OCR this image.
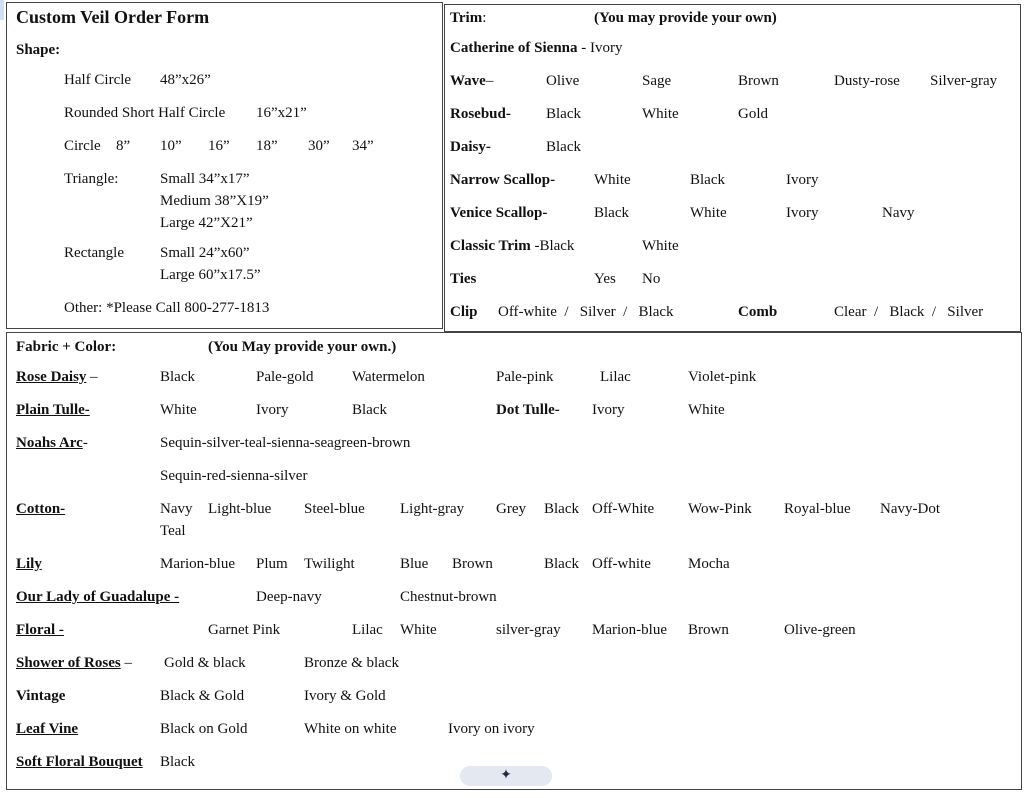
Custom Veil Order Form
Shape:
Half Circle 48”x26”
Rounded Short Half Circle 16”x21”
Circle 8” 10” 16” 18” 30” 34”
Triangle:	Small 34”x17”
Medium 38”X19”
Large 42”X21”
Rectangle Small 24”x60”
Large 60”x17.5”
Other: *Please Call 800-277-1813
Trim:	(You may provide your own)
Catherine of Sienna - Ivory
Wave–	Olive	Sage	Brown	Dusty-rose Silver-gray
Rosebud- Black	White	Gold
Daisy-	Black
Narrow Scallop-	White	Black	Ivory
Venice Scallop-	Black	White	Ivory	Navy
Classic Trim -Black	White
Ties	Yes No
Clip Off-white  /   Silver  /   Black	Comb	Clear  /   Black  /   Silver
Fabric + Color:	(You May provide your own.)
Rose Daisy –	Black	Pale-gold	Watermelon	Pale-pink	Lilac	Violet-pink
Plain Tulle-	White	Ivory	Black	Dot Tulle- Ivory	White
Noahs Arc-	Sequin-silver-teal-sienna-seagreen-brown
Sequin-red-sienna-silver
Cotton-	Navy Light-blue Steel-blue Light-gray Grey Black Off-White Wow-Pink Royal-blue Navy-Dot
Teal
Lily	Marion-blue Plum Twilight	Blue Brown	Black Off-white Mocha
Our Lady of Guadalupe -	Deep-navy	Chestnut-brown
Floral -	Garnet Pink	Lilac White	silver-gray Marion-blue Brown	Olive-green
Shower of Roses – Gold & black	Bronze & black
Vintage	Black & Gold	Ivory & Gold
Leaf Vine	Black on Gold	White on white	Ivory on ivory
Soft Floral Bouquet Black
✦
